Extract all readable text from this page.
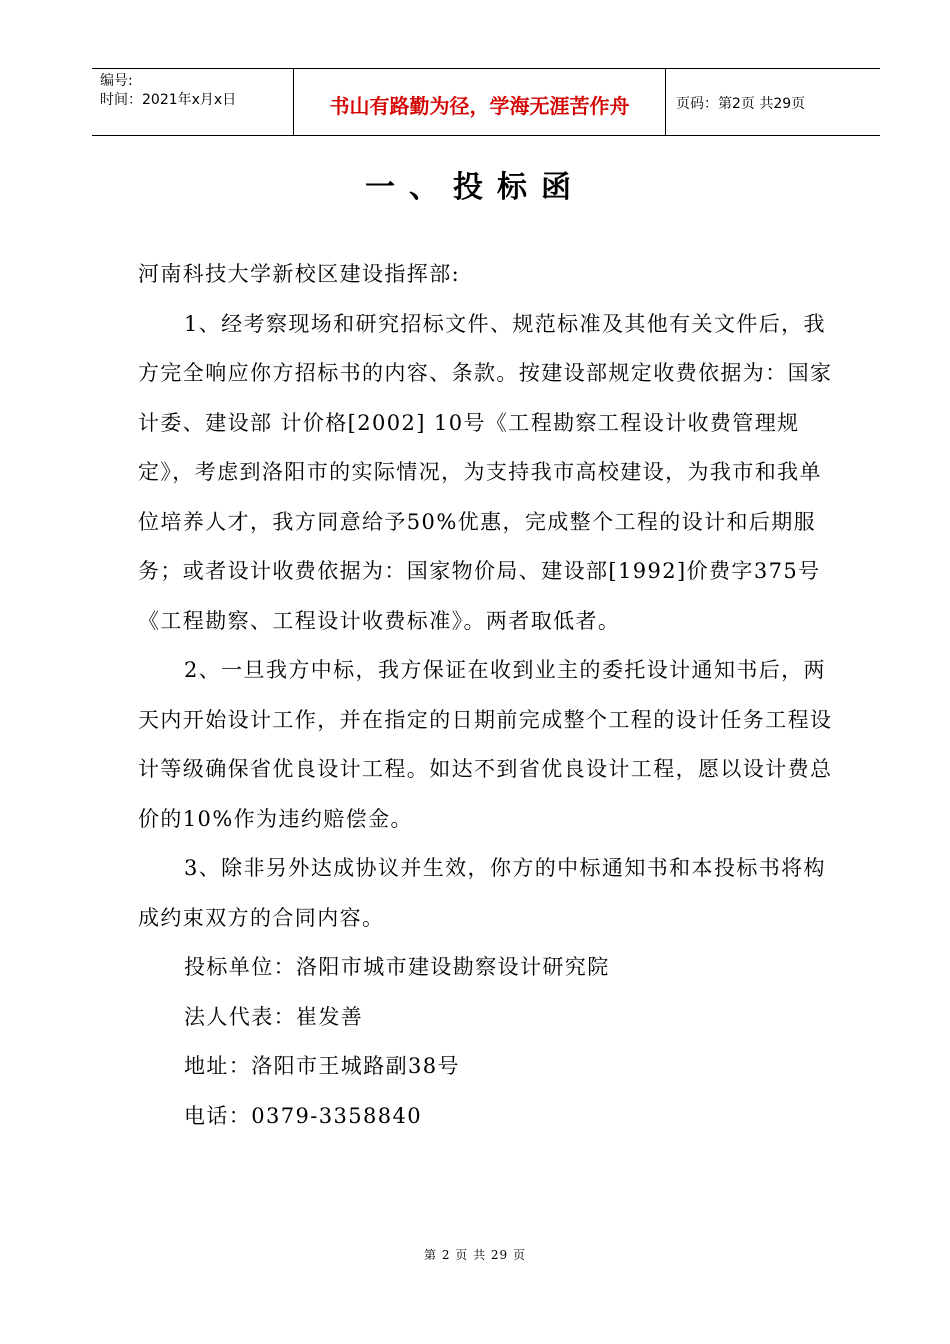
编号:
时间：2021年x月x日	书山有路勤为径，学海无涯苦作舟	页码：第2页 共29页
一、投标函

河南科技大学新校区建设指挥部:

1、经考察现场和研究招标文件、规范标准及其他有关文件后，我方完全响应你方招标书的内容、条款。按建设部规定收费依据为：国家计委、建设部 计价格[2002] 10号《工程勘察工程设计收费管理规定》，考虑到洛阳市的实际情况，为支持我市高校建设，为我市和我单位培养人才，我方同意给予50%优惠，完成整个工程的设计和后期服务；或者设计收费依据为：国家物价局、建设部[1992]价费字375号《工程勘察、工程设计收费标准》。两者取低者。

2、一旦我方中标，我方保证在收到业主的委托设计通知书后，两天内开始设计工作，并在指定的日期前完成整个工程的设计任务工程设计等级确保省优良设计工程。如达不到省优良设计工程，愿以设计费总价的10%作为违约赔偿金。

3、除非另外达成协议并生效，你方的中标通知书和本投标书将构成约束双方的合同内容。

投标单位：洛阳市城市建设勘察设计研究院

法人代表：崔发善

地址：洛阳市王城路副38号

电话：0379-3358840

第 2 页 共 29 页
